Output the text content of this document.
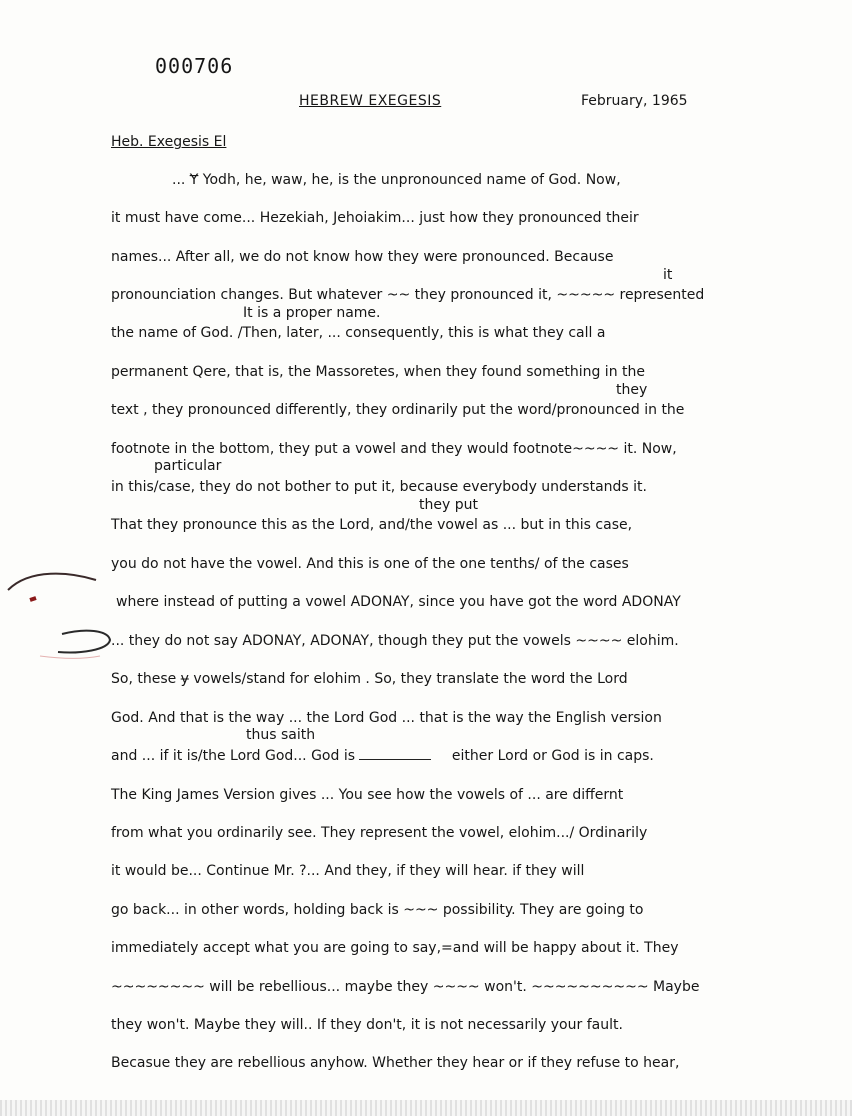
000706
HEBREW EXEGESIS	February, 1965
Heb. Exegesis El
it
It is a proper name.
they
particular
they put
thus saith
... Ɏ Yodh, he, waw, he, is the unpronounced name of God. Now,
it must have come... Hezekiah, Jehoiakim... just how they pronounced their
names... After all, we do not know how they were pronounced. Because
pronounciation changes. But whatever ~~ they pronounced it, ~~~~~ represented
the name of God. /Then, later, ... consequently, this is what they call a
permanent Qere, that is, the Massoretes, when they found something in the
text , they pronounced differently, they ordinarily put the word/pronounced in the
footnote in the bottom, they put a vowel and they would footnote~~~~ it. Now,
in this/case, they do not bother to put it, because everybody understands it.
That they pronounce this as the Lord, and/the vowel as ... but in this case,
you do not have the vowel. And this is one of the one tenths/ of the cases
where instead of putting a vowel ADONAY, since you have got the word ADONAY
... they do not say ADONAY, ADONAY, though they put the vowels ~~~~ elohim.
So, these ɏ vowels/stand for elohim . So, they translate the word the Lord
God. And that is the way ... the Lord God ... that is the way the English version
and ... if it is/the Lord God... God is	either Lord or God is in caps.
The King James Version gives ... You see how the vowels of ... are differnt
from what you ordinarily see. They represent the vowel, elohim.../ Ordinarily
it would be... Continue Mr. ?... And they, if they will hear. if they will
go back... in other words, holding back is ~~~ possibility. They are going to
immediately accept what you are going to say,=and will be happy about it. They
~~~~~~~~ will be rebellious... maybe they ~~~~ won't. ~~~~~~~~~~ Maybe
they won't. Maybe they will.. If they don't, it is not necessarily your fault.
Becasue they are rebellious anyhow. Whether they hear or if they refuse to hear,
